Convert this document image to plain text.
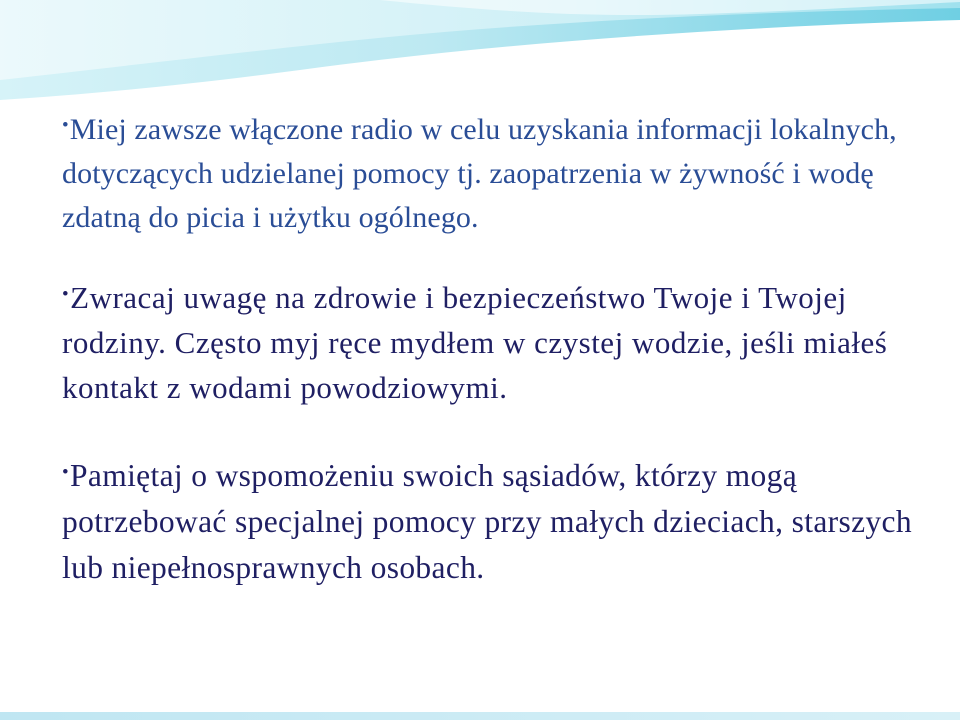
•Miej zawsze włączone radio w celu uzyskania informacji lokalnych, dotyczących udzielanej pomocy tj. zaopatrzenia w żywność i wodę zdatną do picia i użytku ogólnego.

•Zwracaj uwagę na zdrowie i bezpieczeństwo Twoje i Twojej rodziny. Często myj ręce mydłem w czystej wodzie, jeśli miałeś kontakt z wodami powodziowymi.

•Pamiętaj o wspomożeniu swoich sąsiadów, którzy mogą potrzebować specjalnej pomocy przy małych dzieciach, starszych lub niepełnosprawnych osobach.
